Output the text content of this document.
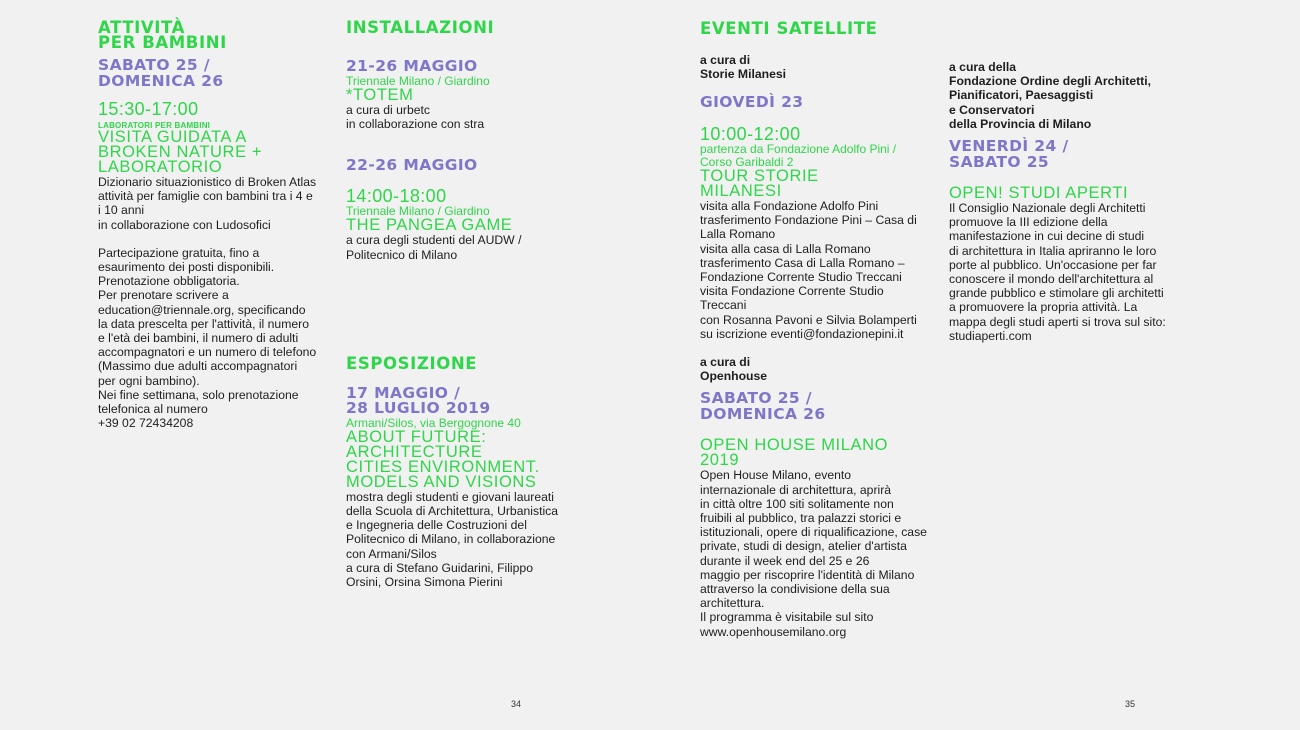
ATTIVITÀ
PER BAMBINI
SABATO 25 /
DOMENICA 26
15:30-17:00
LABORATORI PER BAMBINI
VISITA GUIDATA A
BROKEN NATURE +
LABORATORIO
Dizionario situazionistico di Broken Atlas
attività per famiglie con bambini tra i 4 e
i 10 anni
in collaborazione con Ludosofici
Partecipazione gratuita, fino a
esaurimento dei posti disponibili.
Prenotazione obbligatoria.
Per prenotare scrivere a
education@triennale.org, specificando
la data prescelta per l'attività, il numero
e l'età dei bambini, il numero di adulti
accompagnatori e un numero di telefono
(Massimo due adulti accompagnatori
per ogni bambino).
Nei fine settimana, solo prenotazione
telefonica al numero
+39 02 72434208
INSTALLAZIONI
21-26 MAGGIO
Triennale Milano / Giardino
*TOTEM
a cura di urbetc
in collaborazione con stra
22-26 MAGGIO
14:00-18:00
Triennale Milano / Giardino
THE PANGEA GAME
a cura degli studenti del AUDW /
Politecnico di Milano
ESPOSIZIONE
17 MAGGIO /
28 LUGLIO 2019
Armani/Silos, via Bergognone 40
ABOUT FUTURE:
ARCHITECTURE
CITIES ENVIRONMENT.
MODELS AND VISIONS
mostra degli studenti e giovani laureati
della Scuola di Architettura, Urbanistica
e Ingegneria delle Costruzioni del
Politecnico di Milano, in collaborazione
con Armani/Silos
a cura di Stefano Guidarini, Filippo
Orsini, Orsina Simona Pierini
34
EVENTI SATELLITE
a cura di
Storie Milanesi
GIOVEDÌ 23
10:00-12:00
partenza da Fondazione Adolfo Pini /
Corso Garibaldi 2
TOUR STORIE
MILANESI
visita alla Fondazione Adolfo Pini
trasferimento Fondazione Pini – Casa di
Lalla Romano
visita alla casa di Lalla Romano
trasferimento Casa di Lalla Romano –
Fondazione Corrente Studio Treccani
visita Fondazione Corrente Studio
Treccani
con Rosanna Pavoni e Silvia Bolamperti
su iscrizione eventi@fondazionepini.it
a cura di
Openhouse
SABATO 25 /
DOMENICA 26
OPEN HOUSE MILANO
2019
Open House Milano, evento
internazionale di architettura, aprirà
in città oltre 100 siti solitamente non
fruibili al pubblico, tra palazzi storici e
istituzionali, opere di riqualificazione, case
private, studi di design, atelier d'artista
durante il week end del 25 e 26
maggio per riscoprire l'identità di Milano
attraverso la condivisione della sua
architettura.
Il programma è visitabile sul sito
www.openhousemilano.org
a cura della
Fondazione Ordine degli Architetti,
Pianificatori, Paesaggisti
e Conservatori
della Provincia di Milano
VENERDÌ 24 /
SABATO 25
OPEN! STUDI APERTI
Il Consiglio Nazionale degli Architetti
promuove la III edizione della
manifestazione in cui decine di studi
di architettura in Italia apriranno le loro
porte al pubblico. Un'occasione per far
conoscere il mondo dell'architettura al
grande pubblico e stimolare gli architetti
a promuovere la propria attività. La
mappa degli studi aperti si trova sul sito:
studiaperti.com
35
